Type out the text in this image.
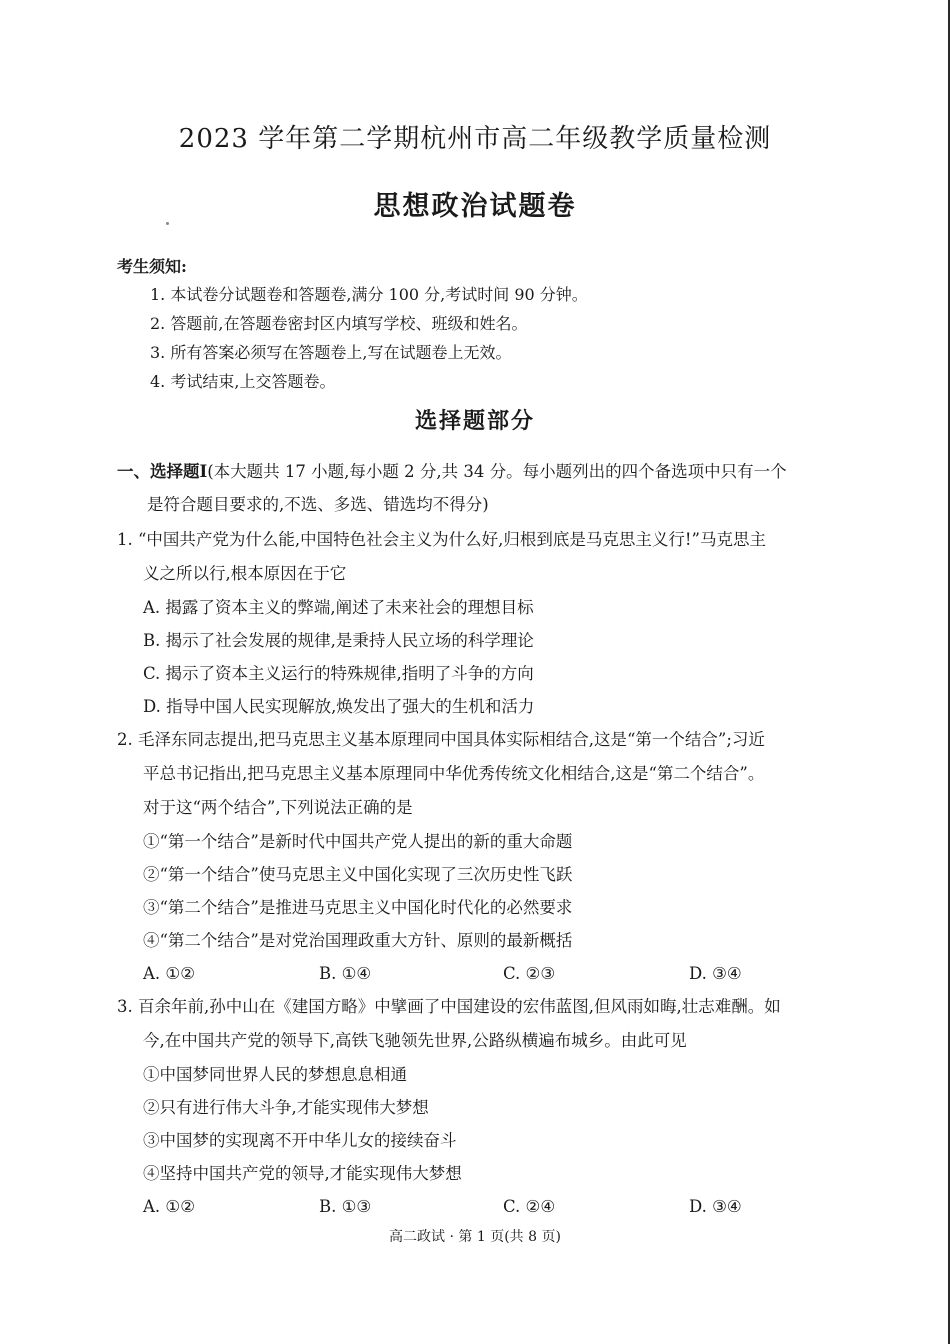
2023 学年第二学期杭州市高二年级教学质量检测
思想政治试题卷
考生须知:
1. 本试卷分试题卷和答题卷,满分 100 分,考试时间 90 分钟。
2. 答题前,在答题卷密封区内填写学校、班级和姓名。
3. 所有答案必须写在答题卷上,写在试题卷上无效。
4. 考试结束,上交答题卷。
选择题部分
一、选择题Ⅰ(本大题共 17 小题,每小题 2 分,共 34 分。每小题列出的四个备选项中只有一个
是符合题目要求的,不选、多选、错选均不得分)
1. “中国共产党为什么能,中国特色社会主义为什么好,归根到底是马克思主义行!”马克思主
义之所以行,根本原因在于它
A. 揭露了资本主义的弊端,阐述了未来社会的理想目标
B. 揭示了社会发展的规律,是秉持人民立场的科学理论
C. 揭示了资本主义运行的特殊规律,指明了斗争的方向
D. 指导中国人民实现解放,焕发出了强大的生机和活力
2. 毛泽东同志提出,把马克思主义基本原理同中国具体实际相结合,这是“第一个结合”;习近
平总书记指出,把马克思主义基本原理同中华优秀传统文化相结合,这是“第二个结合”。
对于这“两个结合”,下列说法正确的是
①“第一个结合”是新时代中国共产党人提出的新的重大命题
②“第一个结合”使马克思主义中国化实现了三次历史性飞跃
③“第二个结合”是推进马克思主义中国化时代化的必然要求
④“第二个结合”是对党治国理政重大方针、原则的最新概括
A. ①②	B. ①④	C. ②③	D. ③④
3. 百余年前,孙中山在《建国方略》中擘画了中国建设的宏伟蓝图,但风雨如晦,壮志难酬。如
今,在中国共产党的领导下,高铁飞驰领先世界,公路纵横遍布城乡。由此可见
①中国梦同世界人民的梦想息息相通
②只有进行伟大斗争,才能实现伟大梦想
③中国梦的实现离不开中华儿女的接续奋斗
④坚持中国共产党的领导,才能实现伟大梦想
A. ①②	B. ①③	C. ②④	D. ③④
高二政试 · 第 1 页(共 8 页)
